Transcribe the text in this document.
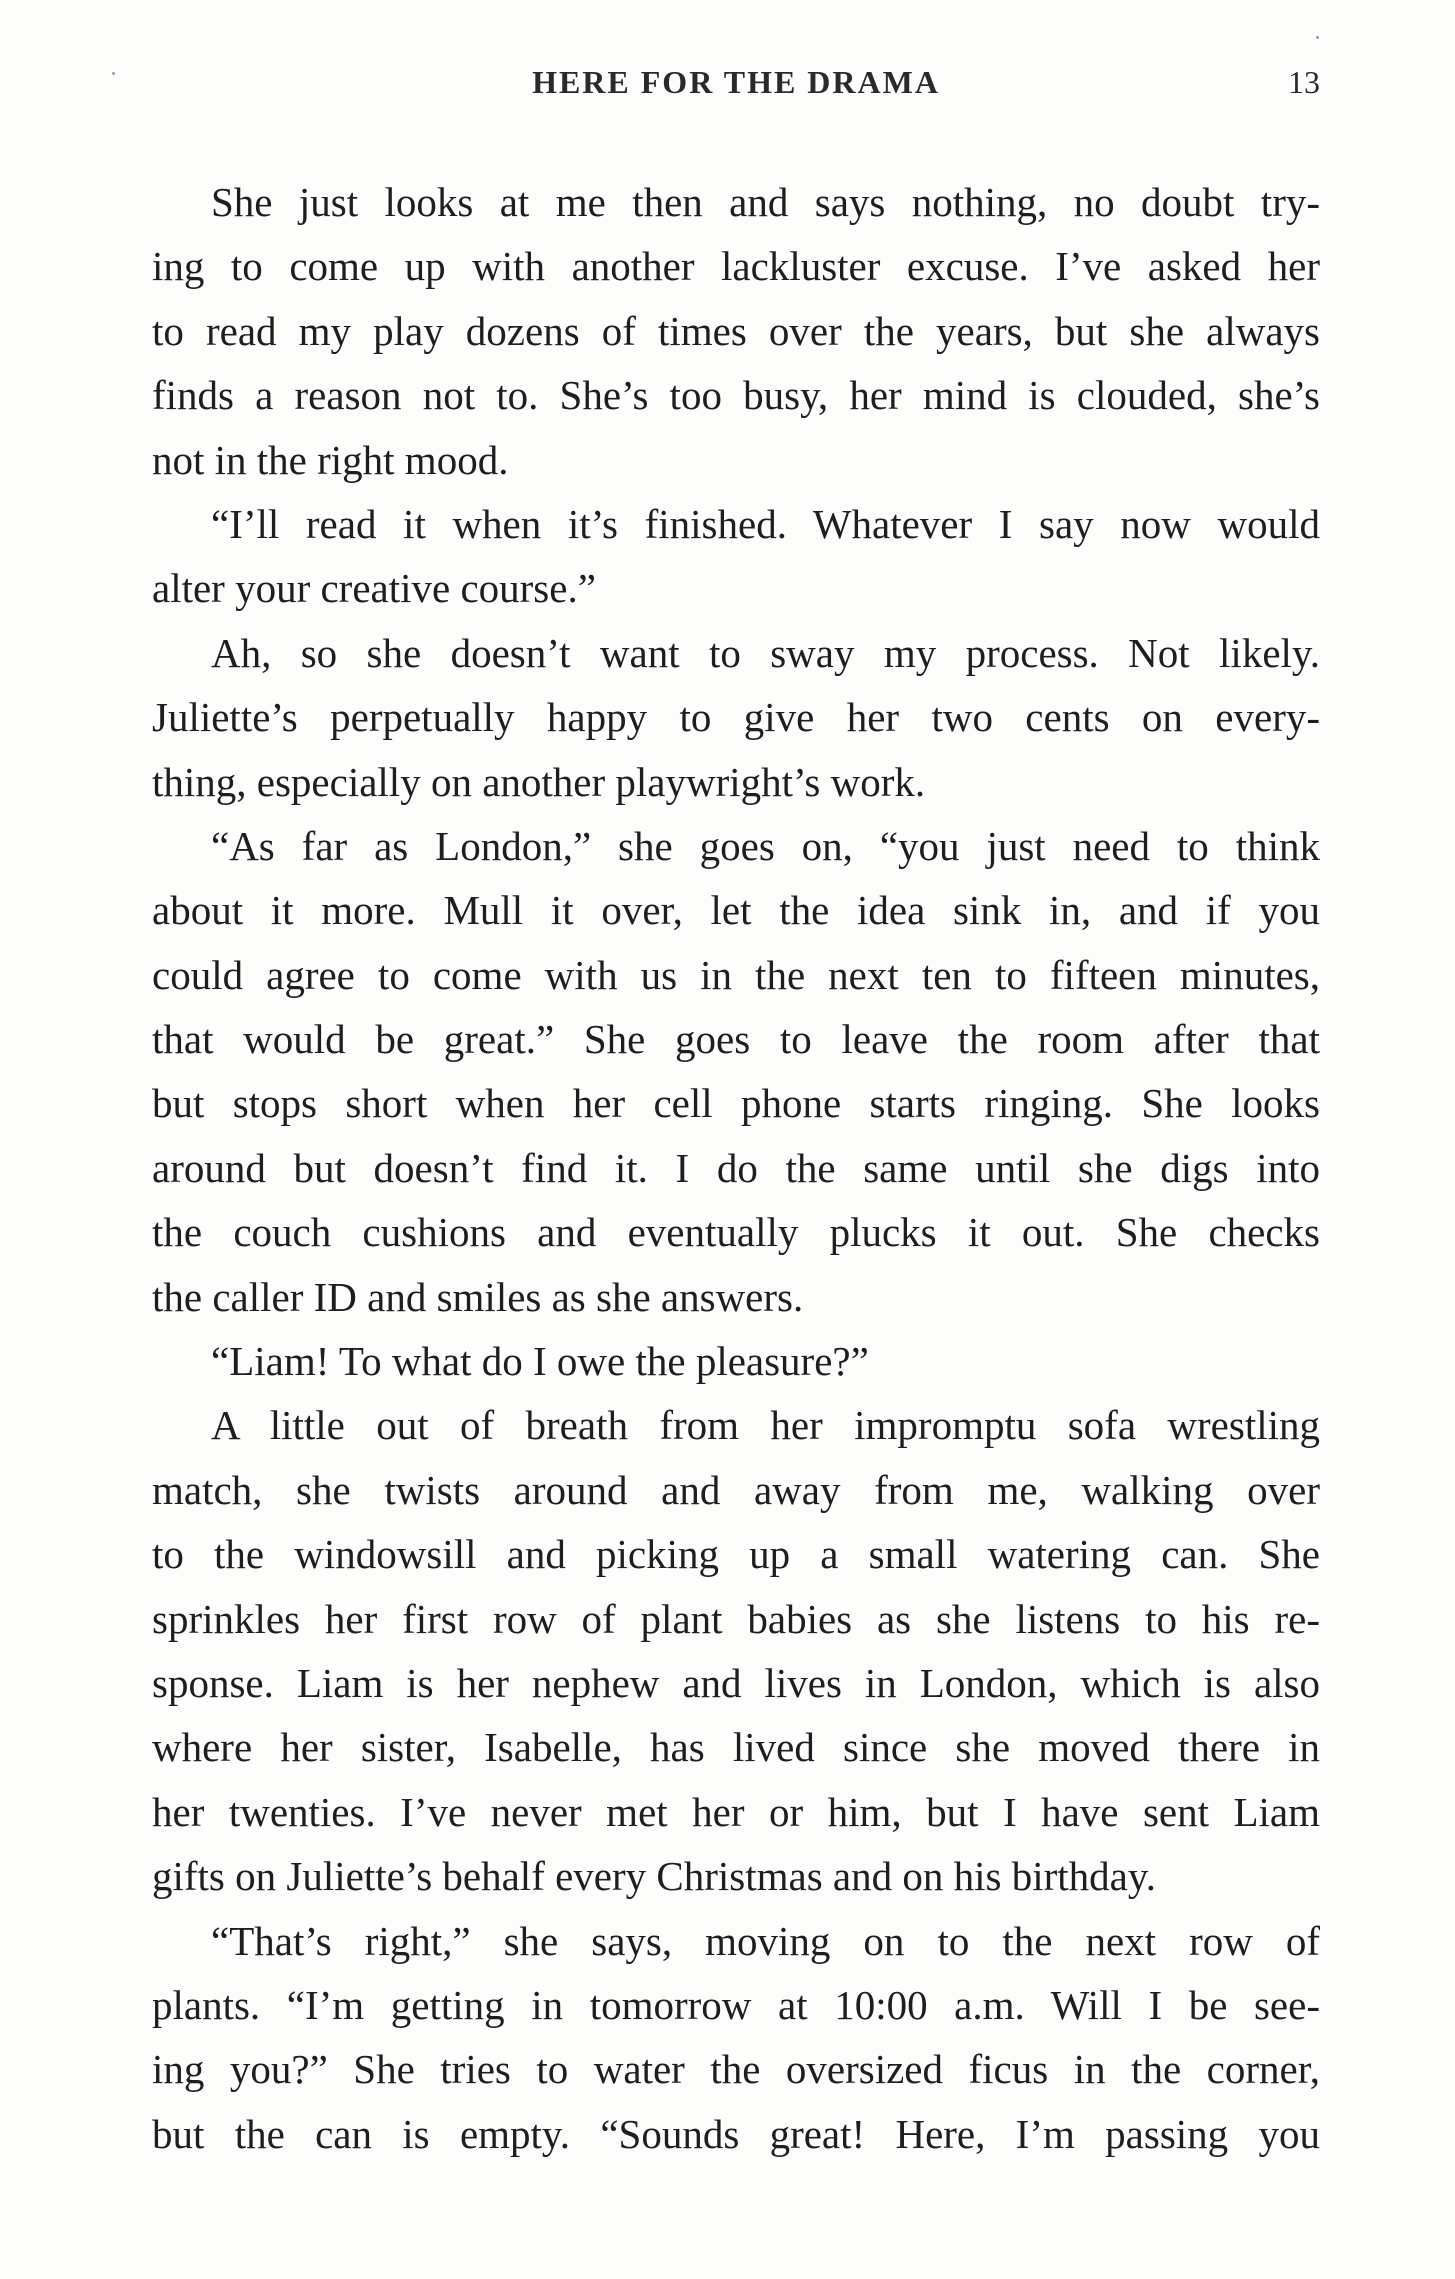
HERE FOR THE DRAMA	13
She just looks at me then and says nothing, no doubt try-
ing to come up with another lackluster excuse. I’ve asked her
to read my play dozens of times over the years, but she always
finds a reason not to. She’s too busy, her mind is clouded, she’s
not in the right mood.
“I’ll read it when it’s finished. Whatever I say now would
alter your creative course.”
Ah, so she doesn’t want to sway my process. Not likely.
Juliette’s perpetually happy to give her two cents on every-
thing, especially on another playwright’s work.
“As far as London,” she goes on, “you just need to think
about it more. Mull it over, let the idea sink in, and if you
could agree to come with us in the next ten to fifteen minutes,
that would be great.” She goes to leave the room after that
but stops short when her cell phone starts ringing. She looks
around but doesn’t find it. I do the same until she digs into
the couch cushions and eventually plucks it out. She checks
the caller ID and smiles as she answers.
“Liam! To what do I owe the pleasure?”
A little out of breath from her impromptu sofa wrestling
match, she twists around and away from me, walking over
to the windowsill and picking up a small watering can. She
sprinkles her first row of plant babies as she listens to his re-
sponse. Liam is her nephew and lives in London, which is also
where her sister, Isabelle, has lived since she moved there in
her twenties. I’ve never met her or him, but I have sent Liam
gifts on Juliette’s behalf every Christmas and on his birthday.
“That’s right,” she says, moving on to the next row of
plants. “I’m getting in tomorrow at 10:00 a.m. Will I be see-
ing you?” She tries to water the oversized ficus in the corner,
but the can is empty. “Sounds great! Here, I’m passing you
